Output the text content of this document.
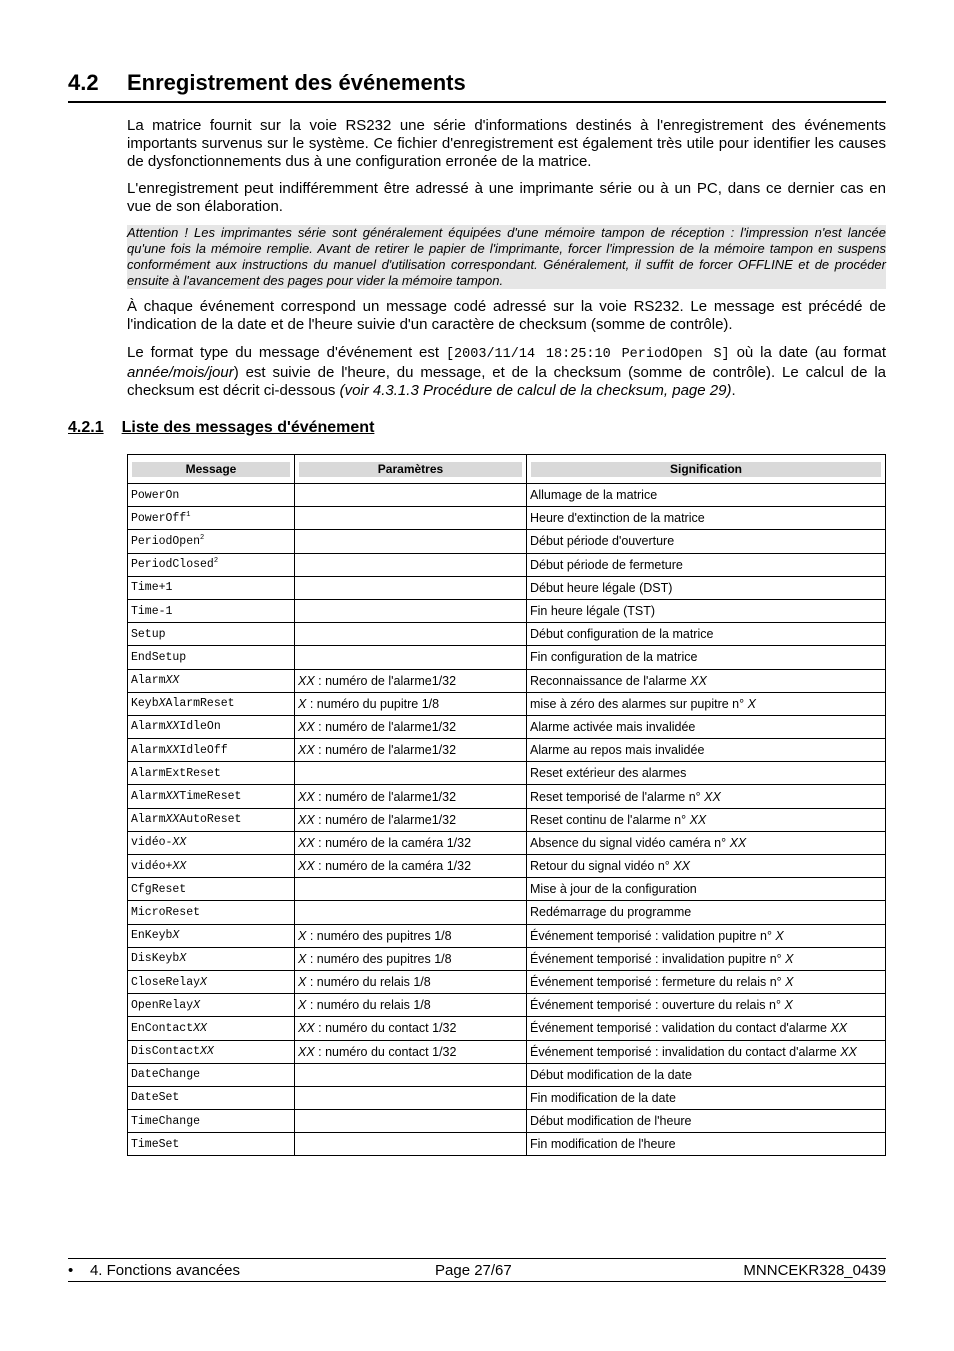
4.2 Enregistrement des événements
La matrice fournit sur la voie RS232 une série d'informations destinés à l'enregistrement des événements importants survenus sur le système. Ce fichier d'enregistrement est également très utile pour identifier les causes de dysfonctionnements dus à une configuration erronée de la matrice.
L'enregistrement peut indifféremment être adressé à une imprimante série ou à un PC, dans ce dernier cas en vue de son élaboration.
Attention ! Les imprimantes série sont généralement équipées d'une mémoire tampon de réception : l'impression n'est lancée qu'une fois la mémoire remplie. Avant de retirer le papier de l'imprimante, forcer l'impression de la mémoire tampon en suspens conformément aux instructions du manuel d'utilisation correspondant. Généralement, il suffit de forcer OFFLINE et de procéder ensuite à l'avancement des pages pour vider la mémoire tampon.
À chaque événement correspond un message codé adressé sur la voie RS232. Le message est précédé de l'indication de la date et de l'heure suivie d'un caractère de checksum (somme de contrôle).
Le format type du message d'événement est [2003/11/14 18:25:10 PeriodOpen S] où la date (au format année/mois/jour) est suivie de l'heure, du message, et de la checksum (somme de contrôle). Le calcul de la checksum est décrit ci-dessous (voir 4.3.1.3 Procédure de calcul de la checksum, page 29).
4.2.1 Liste des messages d'événement
Message	Paramètres	Signification

PowerOn		Allumage de la matrice
PowerOff$^1$		Heure d'extinction de la matrice
PeriodOpen$^2$		Début période d'ouverture
PeriodClosed$^2$		Début période de fermeture
Time+1		Début heure légale (DST)
Time-1		Fin heure légale (TST)
Setup		Début configuration de la matrice
EndSetup		Fin configuration de la matrice
AlarmXX	XX : numéro de l'alarme1/32	Reconnaissance de l'alarme XX
KeybXAlarmReset	X : numéro du pupitre 1/8	mise à zéro des alarmes sur pupitre n° X
AlarmXXIdleOn	XX : numéro de l'alarme1/32	Alarme activée mais invalidée
AlarmXXIdleOff	XX : numéro de l'alarme1/32	Alarme au repos mais invalidée
AlarmExtReset		Reset extérieur des alarmes
AlarmXXTimeReset	XX : numéro de l'alarme1/32	Reset temporisé de l'alarme n° XX
AlarmXXAutoReset	XX : numéro de l'alarme1/32	Reset continu de l'alarme n° XX
vidéo-XX	XX : numéro de la caméra 1/32	Absence du signal vidéo caméra n° XX
vidéo+XX	XX : numéro de la caméra 1/32	Retour du signal vidéo n° XX
CfgReset		Mise à jour de la configuration
MicroReset		Redémarrage du programme
EnKeybX	X : numéro des pupitres 1/8	Événement temporisé : validation pupitre n° X
DisKeybX	X : numéro des pupitres 1/8	Événement temporisé : invalidation pupitre n° X
CloseRelayX	X : numéro du relais 1/8	Événement temporisé : fermeture du relais n° X
OpenRelayX	X : numéro du relais 1/8	Événement temporisé : ouverture du relais n° X
EnContactXX	XX : numéro du contact 1/32	Événement temporisé : validation du contact d'alarme XX
DisContactXX	XX : numéro du contact 1/32	Événement temporisé : invalidation du contact d'alarme XX
DateChange		Début modification de la date
DateSet		Fin modification de la date
TimeChange		Début modification de l'heure
TimeSet		Fin modification de l'heure
• 4. Fonctions avancées	Page 27/67	MNNCEKR328_0439
